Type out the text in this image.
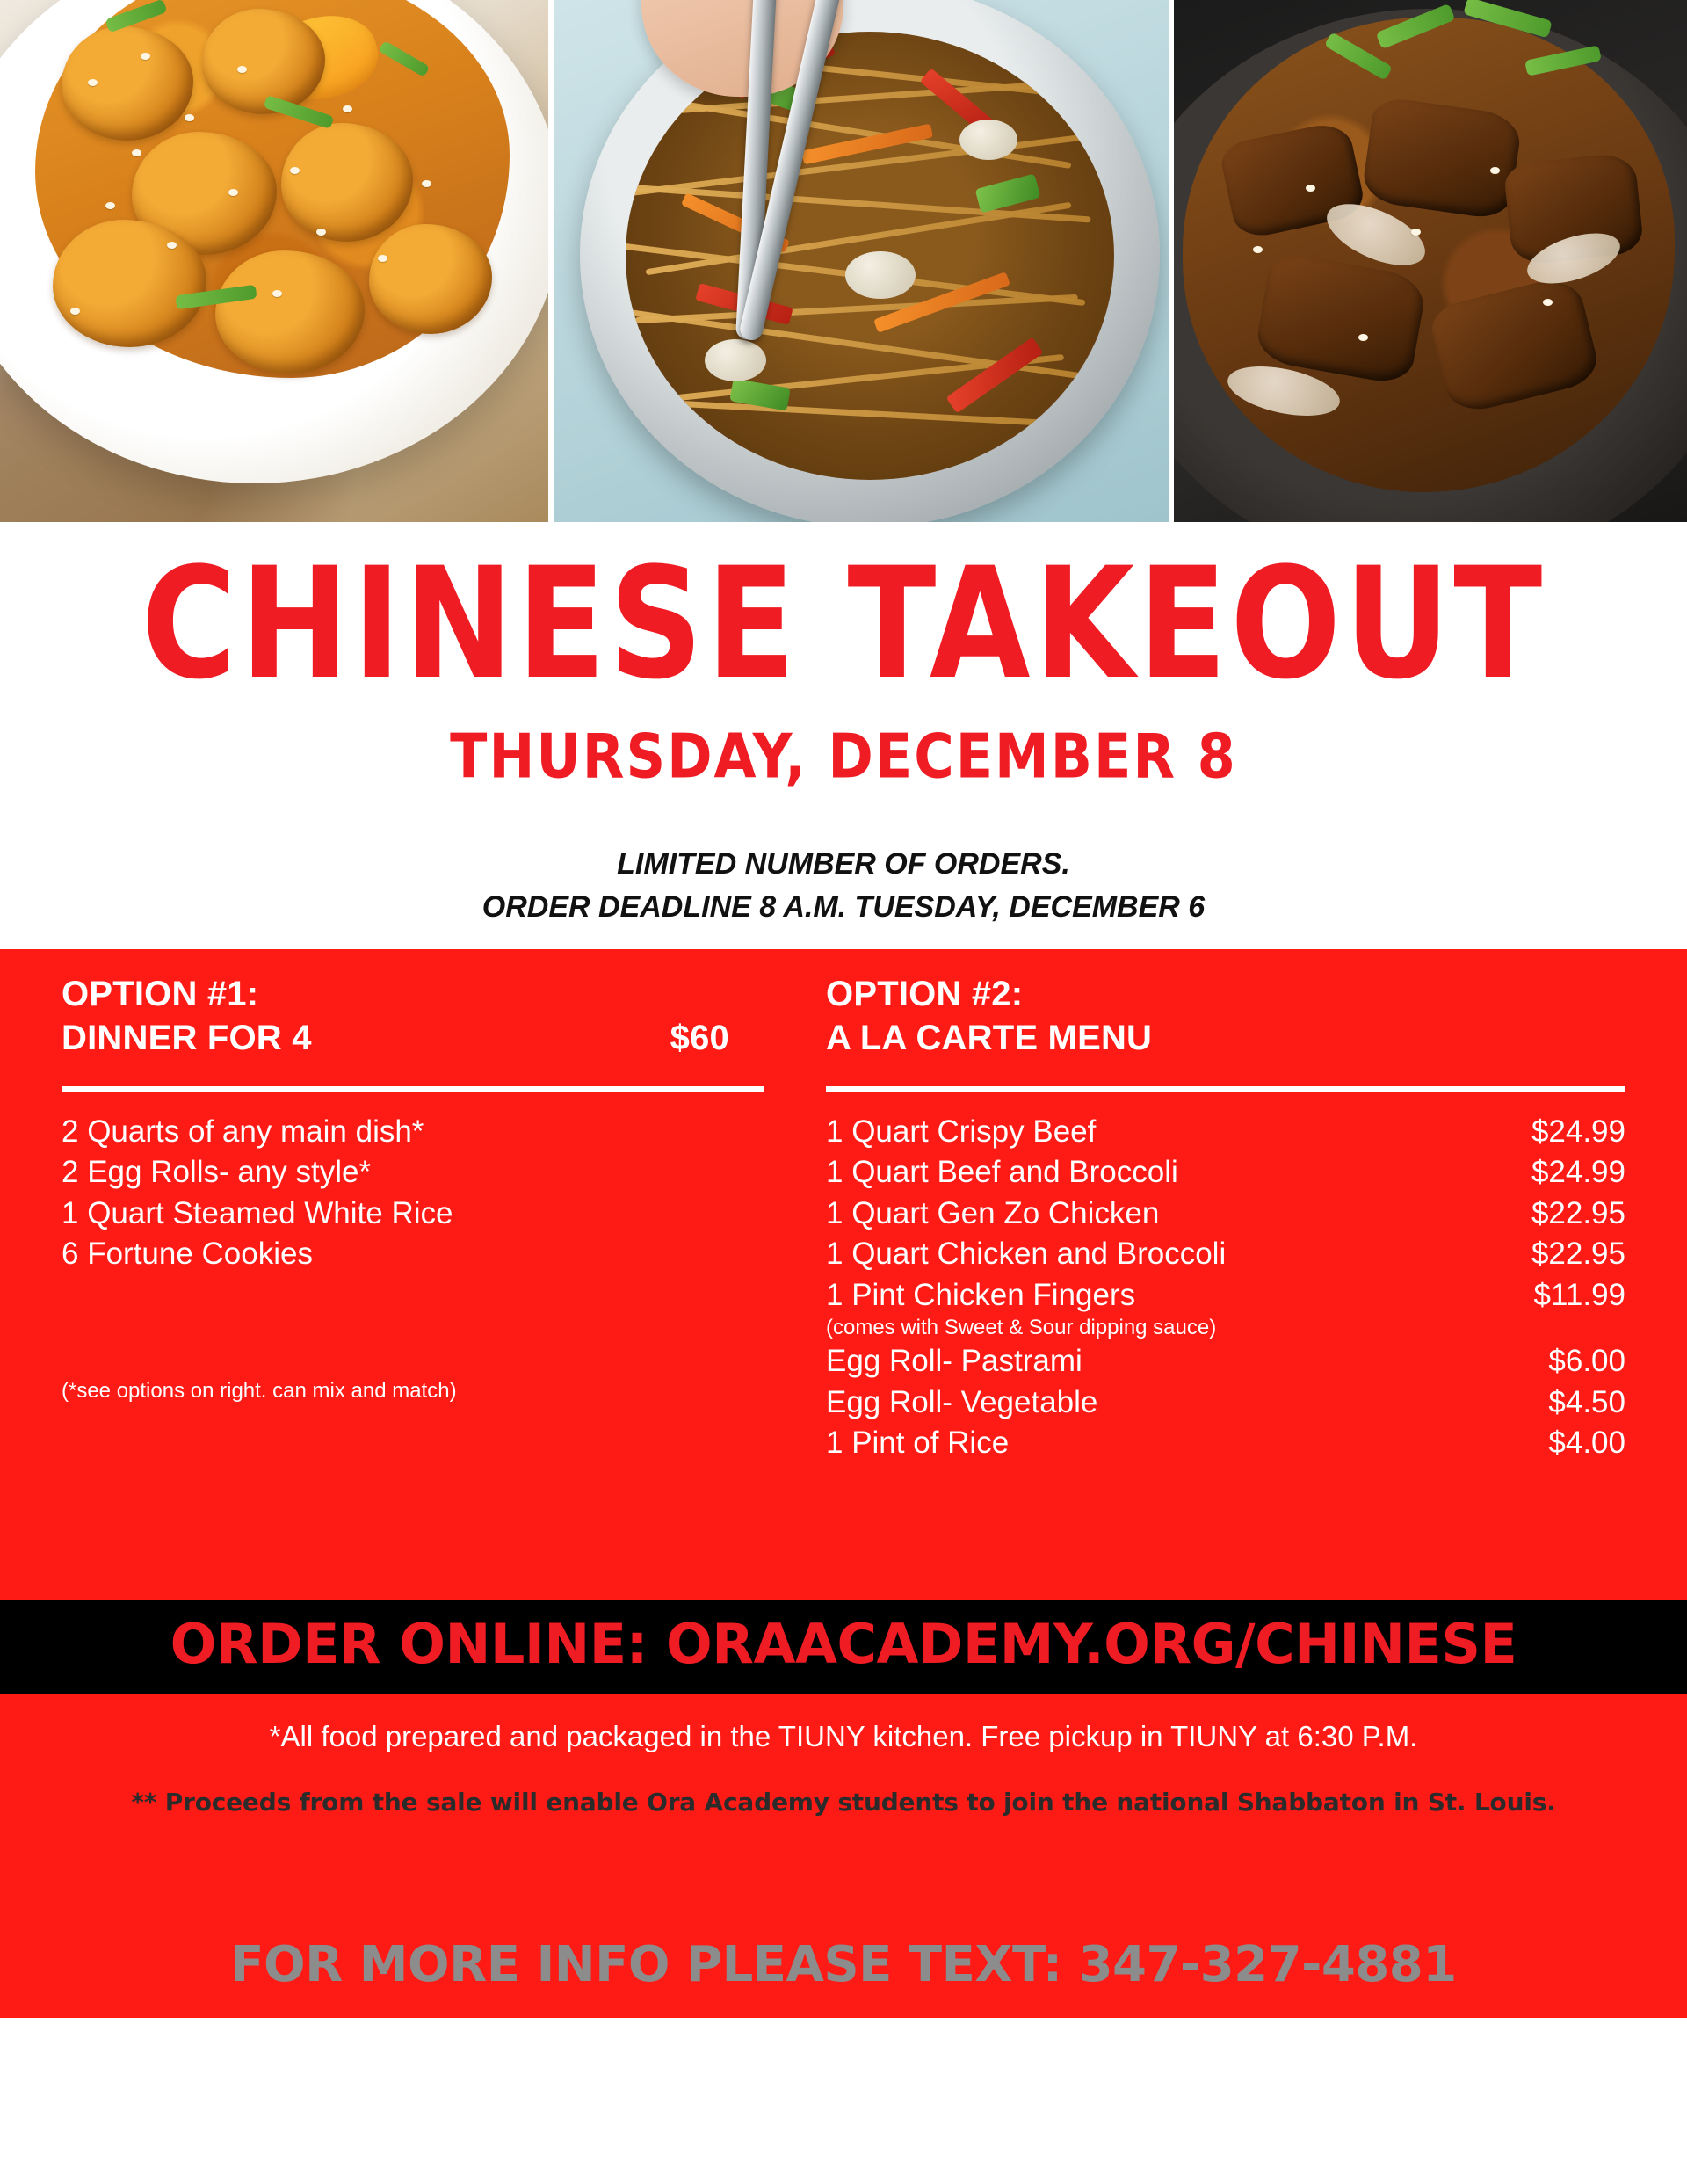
CHINESE TAKEOUT
THURSDAY, DECEMBER 8
LIMITED NUMBER OF ORDERS.
ORDER DEADLINE 8 A.M. TUESDAY, DECEMBER 6
OPTION #1:
DINNER FOR 4	$60
2 Quarts of any main dish*
2 Egg Rolls- any style*
1 Quart Steamed White Rice
6 Fortune Cookies
(*see options on right. can mix and match)
OPTION #2:
A LA CARTE MENU
1 Quart Crispy Beef	$24.99
1 Quart Beef and Broccoli	$24.99
1 Quart Gen Zo Chicken	$22.95
1 Quart Chicken and Broccoli	$22.95
1 Pint Chicken Fingers	$11.99
(comes with Sweet & Sour dipping sauce)
Egg Roll- Pastrami	$6.00
Egg Roll- Vegetable	$4.50
1 Pint of Rice	$4.00
ORDER ONLINE: ORAACADEMY.ORG/CHINESE
*All food prepared and packaged in the TIUNY kitchen. Free pickup in TIUNY at 6:30 P.M.
** Proceeds from the sale will enable Ora Academy students to join the national Shabbaton in St. Louis.
FOR MORE INFO PLEASE TEXT: 347-327-4881
